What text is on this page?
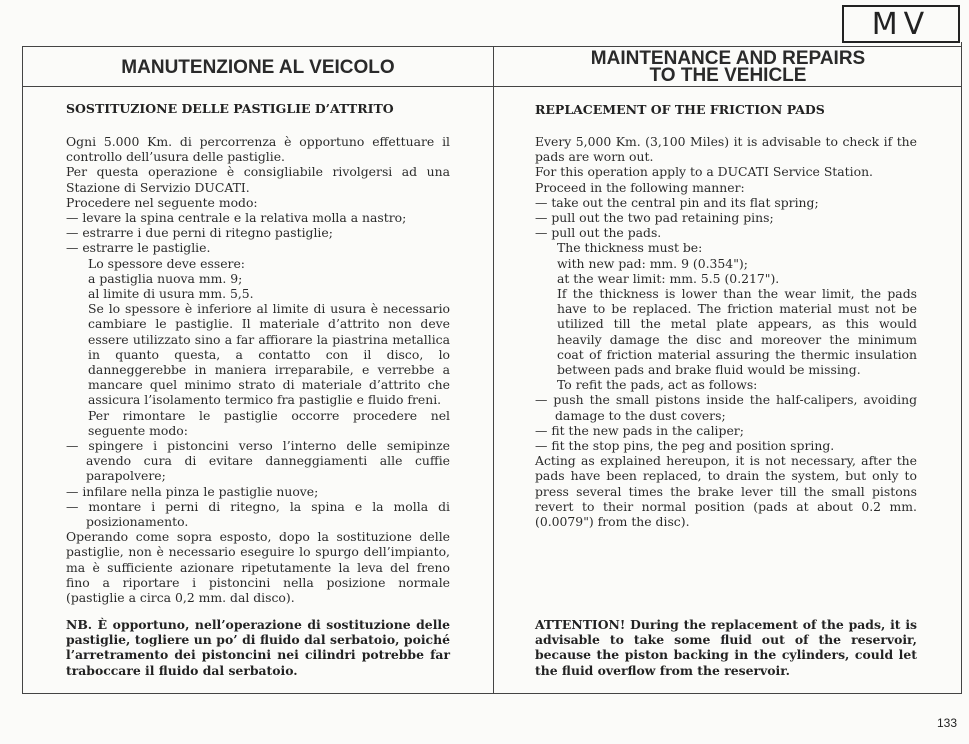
MV
MANUTENZIONE AL VEICOLO	MAINTENANCE AND REPAIRS
TO THE VEHICLE
SOSTITUZIONE DELLE PASTIGLIE D’ATTRITO	REPLACEMENT OF THE FRICTION PADS

Ogni 5.000 Km. di percorrenza è opportuno effettuare il controllo dell’usura delle pastiglie.

Per questa operazione è consigliabile rivolgersi ad una Stazione di Servizio DUCATI.

Procedere nel seguente modo:

— levare la spina centrale e la relativa molla a nastro;

— estrarre i due perni di ritegno pastiglie;

— estrarre le pastiglie.

Lo spessore deve essere:

a pastiglia nuova mm. 9;

al limite di usura mm. 5,5.

Se lo spessore è inferiore al limite di usura è necessario cambiare le pastiglie. Il materiale d’attrito non deve essere utilizzato sino a far affiorare la piastrina metallica in quanto questa, a contatto con il disco, lo danneggerebbe in maniera irreparabile, e verrebbe a mancare quel minimo strato di materiale d’attrito che assicura l’isolamento termico fra pastiglie e fluido freni.

Per rimontare le pastiglie occorre procedere nel seguente modo:

— spingere i pistoncini verso l’interno delle semipinze avendo cura di evitare danneggiamenti alle cuffie parapolvere;

— infilare nella pinza le pastiglie nuove;

— montare i perni di ritegno, la spina e la molla di posizionamento.

Operando come sopra esposto, dopo la sostituzione delle pastiglie, non è necessario eseguire lo spurgo dell’impianto, ma è sufficiente azionare ripetutamente la leva del freno fino a riportare i pistoncini nella posizione normale (pastiglie a circa 0,2 mm. dal disco).

Every 5,000 Km. (3,100 Miles) it is advisable to check if the pads are worn out.

For this operation apply to a DUCATI Service Station.

Proceed in the following manner:

— take out the central pin and its flat spring;

— pull out the two pad retaining pins;

— pull out the pads.

The thickness must be:

with new pad: mm. 9 (0.354");

at the wear limit: mm. 5.5 (0.217").

If the thickness is lower than the wear limit, the pads have to be replaced. The friction material must not be utilized till the metal plate appears, as this would heavily damage the disc and moreover the minimum coat of friction material assuring the thermic insulation between pads and brake fluid would be missing.

To refit the pads, act as follows:

— push the small pistons inside the half-calipers, avoiding damage to the dust covers;

— fit the new pads in the caliper;

— fit the stop pins, the peg and position spring.

Acting as explained hereupon, it is not necessary, after the pads have been replaced, to drain the system, but only to press several times the brake lever till the small pistons revert to their normal position (pads at about 0.2 mm. (0.0079") from the disc).

NB. È opportuno, nell’operazione di sostituzione delle pastiglie, togliere un po’ di fluido dal serbatoio, poiché l’arretramento dei pistoncini nei cilindri potrebbe far traboccare il fluido dal serbatoio.
ATTENTION! During the replacement of the pads, it is advisable to take some fluid out of the reservoir, because the piston backing in the cylinders, could let the fluid overflow from the reservoir.
133
